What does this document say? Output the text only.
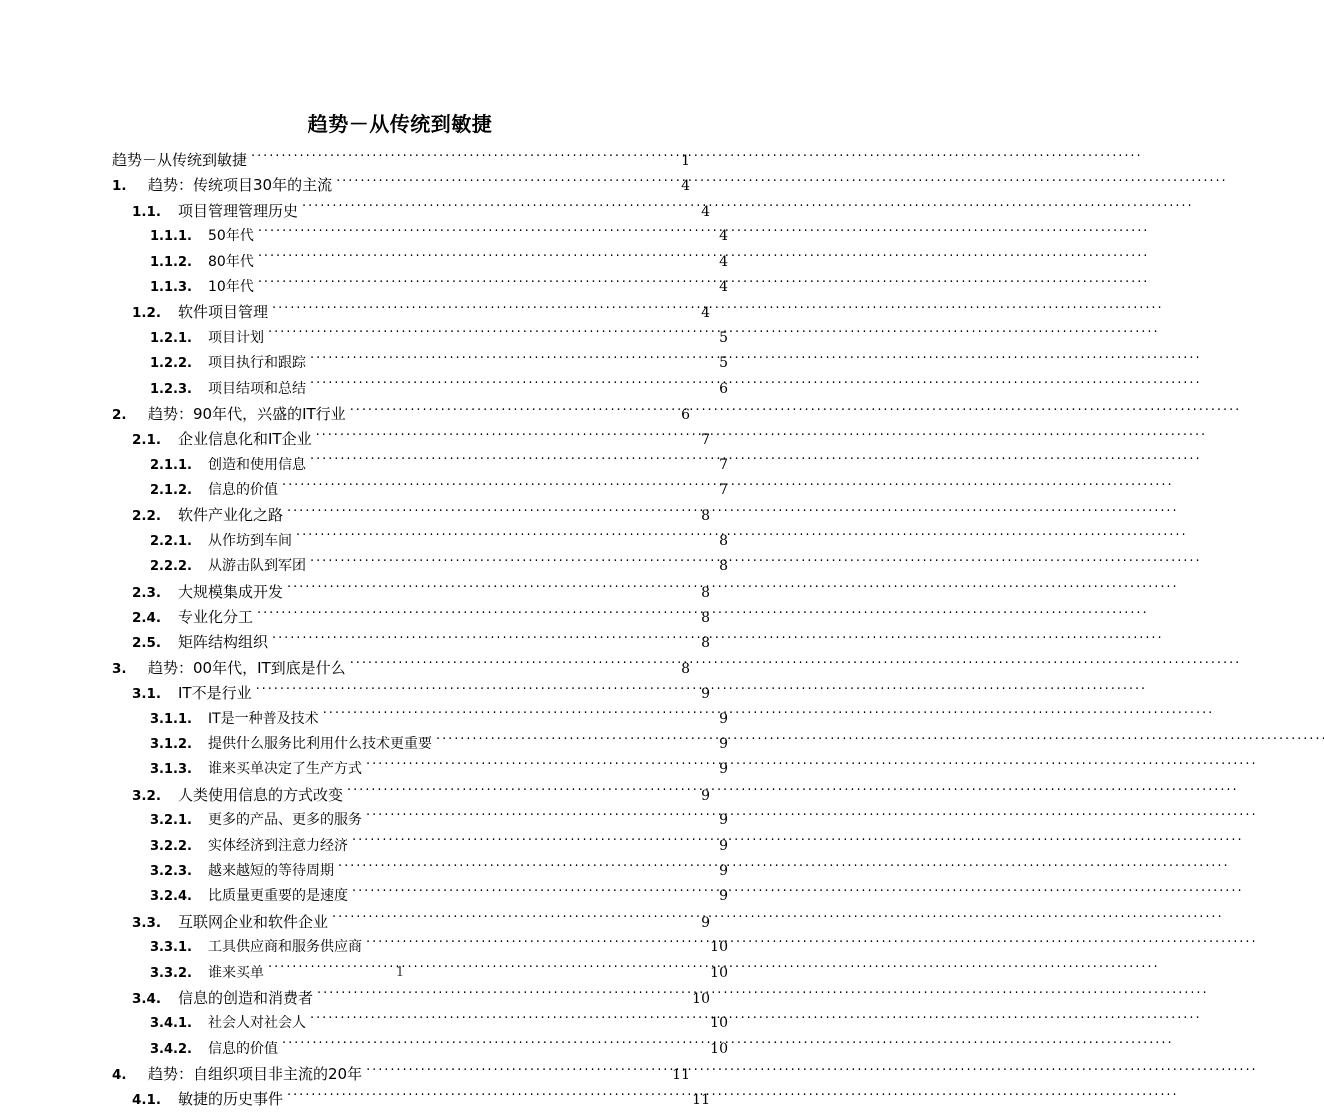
趋势－从传统到敏捷
趋势－从传统到敏捷 . . .	1
1.	趋势：传统项目30年的主流 . . .	4
1.1.	项目管理管理历史 . . .	4
1.1.1.	50年代 . . .	4
1.1.2.	80年代 . . .	4
1.1.3.	10年代 . . .	4
1.2.	软件项目管理 . . .	4
1.2.1.	项目计划 . . .	5
1.2.2.	项目执行和跟踪 . . .	5
1.2.3.	项目结项和总结 . . .	6
2.	趋势：90年代，兴盛的IT行业 . . .	6
2.1.	企业信息化和IT企业 . . .	7
2.1.1.	创造和使用信息 . . .	7
2.1.2.	信息的价值 . . .	7
2.2.	软件产业化之路 . . .	8
2.2.1.	从作坊到车间 . . .	8
2.2.2.	从游击队到军团 . . .	8
2.3.	大规模集成开发 . . .	8
2.4.	专业化分工 . . .	8
2.5.	矩阵结构组织 . . .	8
3.	趋势：00年代，IT到底是什么 . . .	8
3.1.	IT不是行业 . . .	9
3.1.1.	IT是一种普及技术 . . .	9
3.1.2.	提供什么服务比利用什么技术更重要 . . .	9
3.1.3.	谁来买单决定了生产方式 . . .	9
3.2.	人类使用信息的方式改变 . . .	9
3.2.1.	更多的产品、更多的服务 . . .	9
3.2.2.	实体经济到注意力经济 . . .	9
3.2.3.	越来越短的等待周期 . . .	9
3.2.4.	比质量更重要的是速度 . . .	9
3.3.	互联网企业和软件企业 . . .	9
3.3.1.	工具供应商和服务供应商 . . .	10
3.3.2.	谁来买单 . . .	10
3.4.	信息的创造和消费者 . . .	10
3.4.1.	社会人对社会人 . . .	10
3.4.2.	信息的价值 . . .	10
4.	趋势：自组织项目非主流的20年 . . .	11
4.1.	敏捷的历史事件 . . .	11
1
